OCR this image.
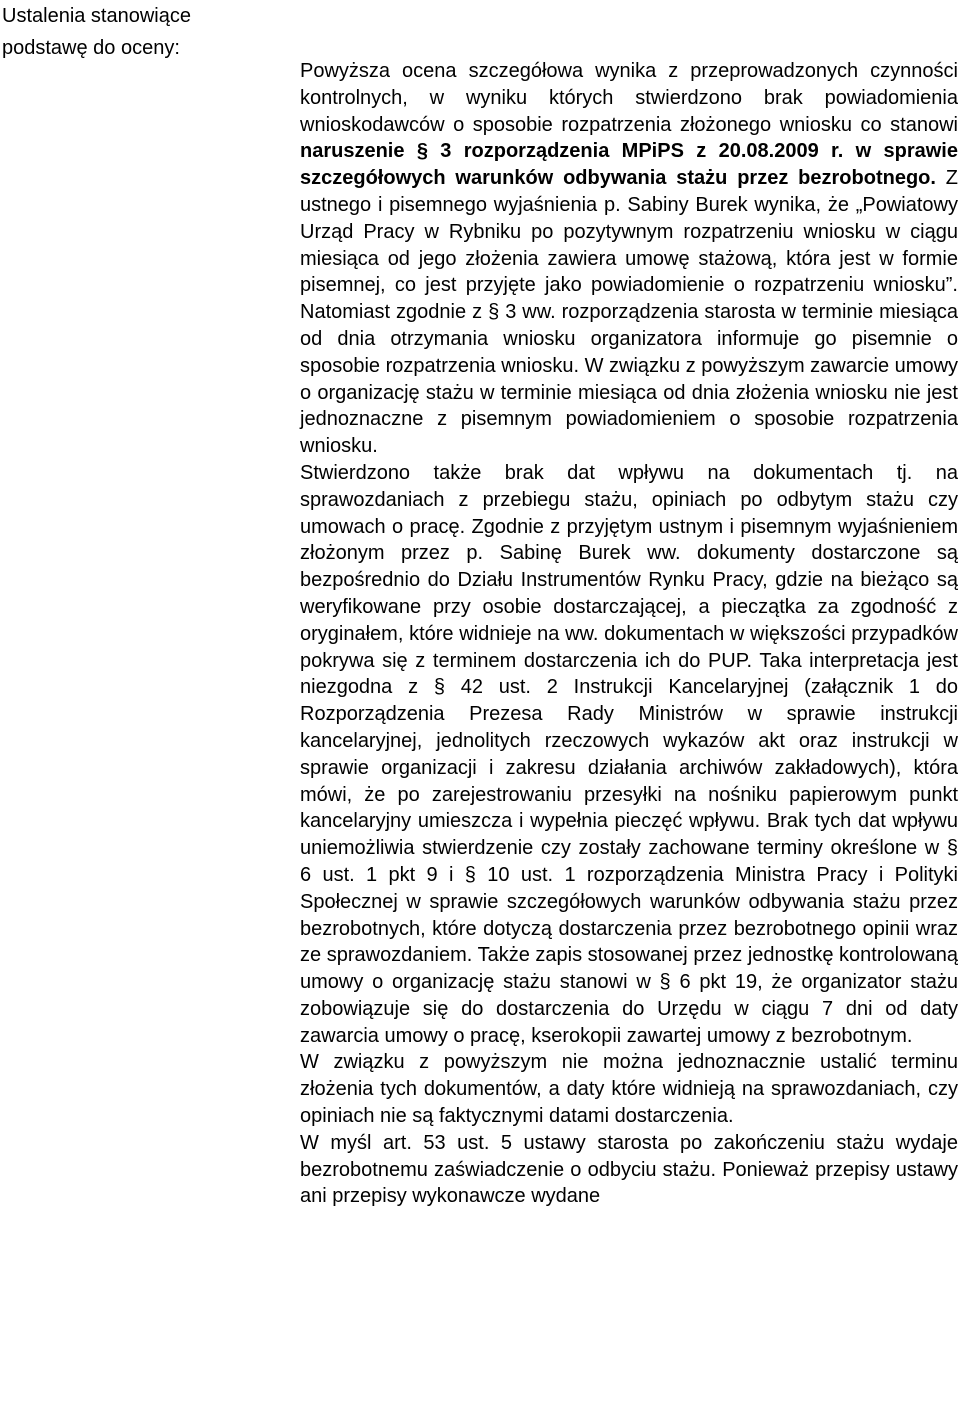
Ustalenia stanowiące podstawę do oceny:

Powyższa ocena szczegółowa wynika z przeprowadzonych czynności kontrolnych, w wyniku których stwierdzono brak powiadomienia wnioskodawców o sposobie rozpatrzenia złożonego wniosku co stanowi naruszenie § 3 rozporządzenia MPiPS z 20.08.2009 r. w sprawie szczegółowych warunków odbywania stażu przez bezrobotnego. Z ustnego i pisemnego wyjaśnienia p. Sabiny Burek wynika, że „Powiatowy Urząd Pracy w Rybniku po pozytywnym rozpatrzeniu wniosku w ciągu miesiąca od jego złożenia zawiera umowę stażową, która jest w formie pisemnej, co jest przyjęte jako powiadomienie o rozpatrzeniu wniosku”. Natomiast zgodnie z § 3 ww. rozporządzenia starosta w terminie miesiąca od dnia otrzymania wniosku organizatora informuje go pisemnie o sposobie rozpatrzenia wniosku. W związku z powyższym zawarcie umowy o organizację stażu w terminie miesiąca od dnia złożenia wniosku nie jest jednoznaczne z pisemnym powiadomieniem o sposobie rozpatrzenia wniosku.

Stwierdzono także brak dat wpływu na dokumentach tj. na sprawozdaniach z przebiegu stażu, opiniach po odbytym stażu czy umowach o pracę. Zgodnie z przyjętym ustnym i pisemnym wyjaśnieniem złożonym przez p. Sabinę Burek ww. dokumenty dostarczone są bezpośrednio do Działu Instrumentów Rynku Pracy, gdzie na bieżąco są weryfikowane przy osobie dostarczającej, a pieczątka za zgodność z oryginałem, które widnieje na ww. dokumentach w większości przypadków pokrywa się z terminem dostarczenia ich do PUP. Taka interpretacja jest niezgodna z § 42 ust. 2 Instrukcji Kancelaryjnej (załącznik 1 do Rozporządzenia Prezesa Rady Ministrów w sprawie instrukcji kancelaryjnej, jednolitych rzeczowych wykazów akt oraz instrukcji w sprawie organizacji i zakresu działania archiwów zakładowych), która mówi, że po zarejestrowaniu przesyłki na nośniku papierowym punkt kancelaryjny umieszcza i wypełnia pieczęć wpływu. Brak tych dat wpływu uniemożliwia stwierdzenie czy zostały zachowane terminy określone w § 6 ust. 1 pkt 9 i § 10 ust. 1 rozporządzenia Ministra Pracy i Polityki Społecznej w sprawie szczegółowych warunków odbywania stażu przez bezrobotnych, które dotyczą dostarczenia przez bezrobotnego opinii wraz ze sprawozdaniem. Także zapis stosowanej przez jednostkę kontrolowaną umowy o organizację stażu stanowi w § 6 pkt 19, że organizator stażu zobowiązuje się do dostarczenia do Urzędu w ciągu 7 dni od daty zawarcia umowy o pracę, kserokopii zawartej umowy z bezrobotnym.

W związku z powyższym nie można jednoznacznie ustalić terminu złożenia tych dokumentów, a daty które widnieją na sprawozdaniach, czy opiniach nie są faktycznymi datami dostarczenia.

W myśl art. 53 ust. 5 ustawy starosta po zakończeniu stażu wydaje bezrobotnemu zaświadczenie o odbyciu stażu. Ponieważ przepisy ustawy ani przepisy wykonawcze wydane
